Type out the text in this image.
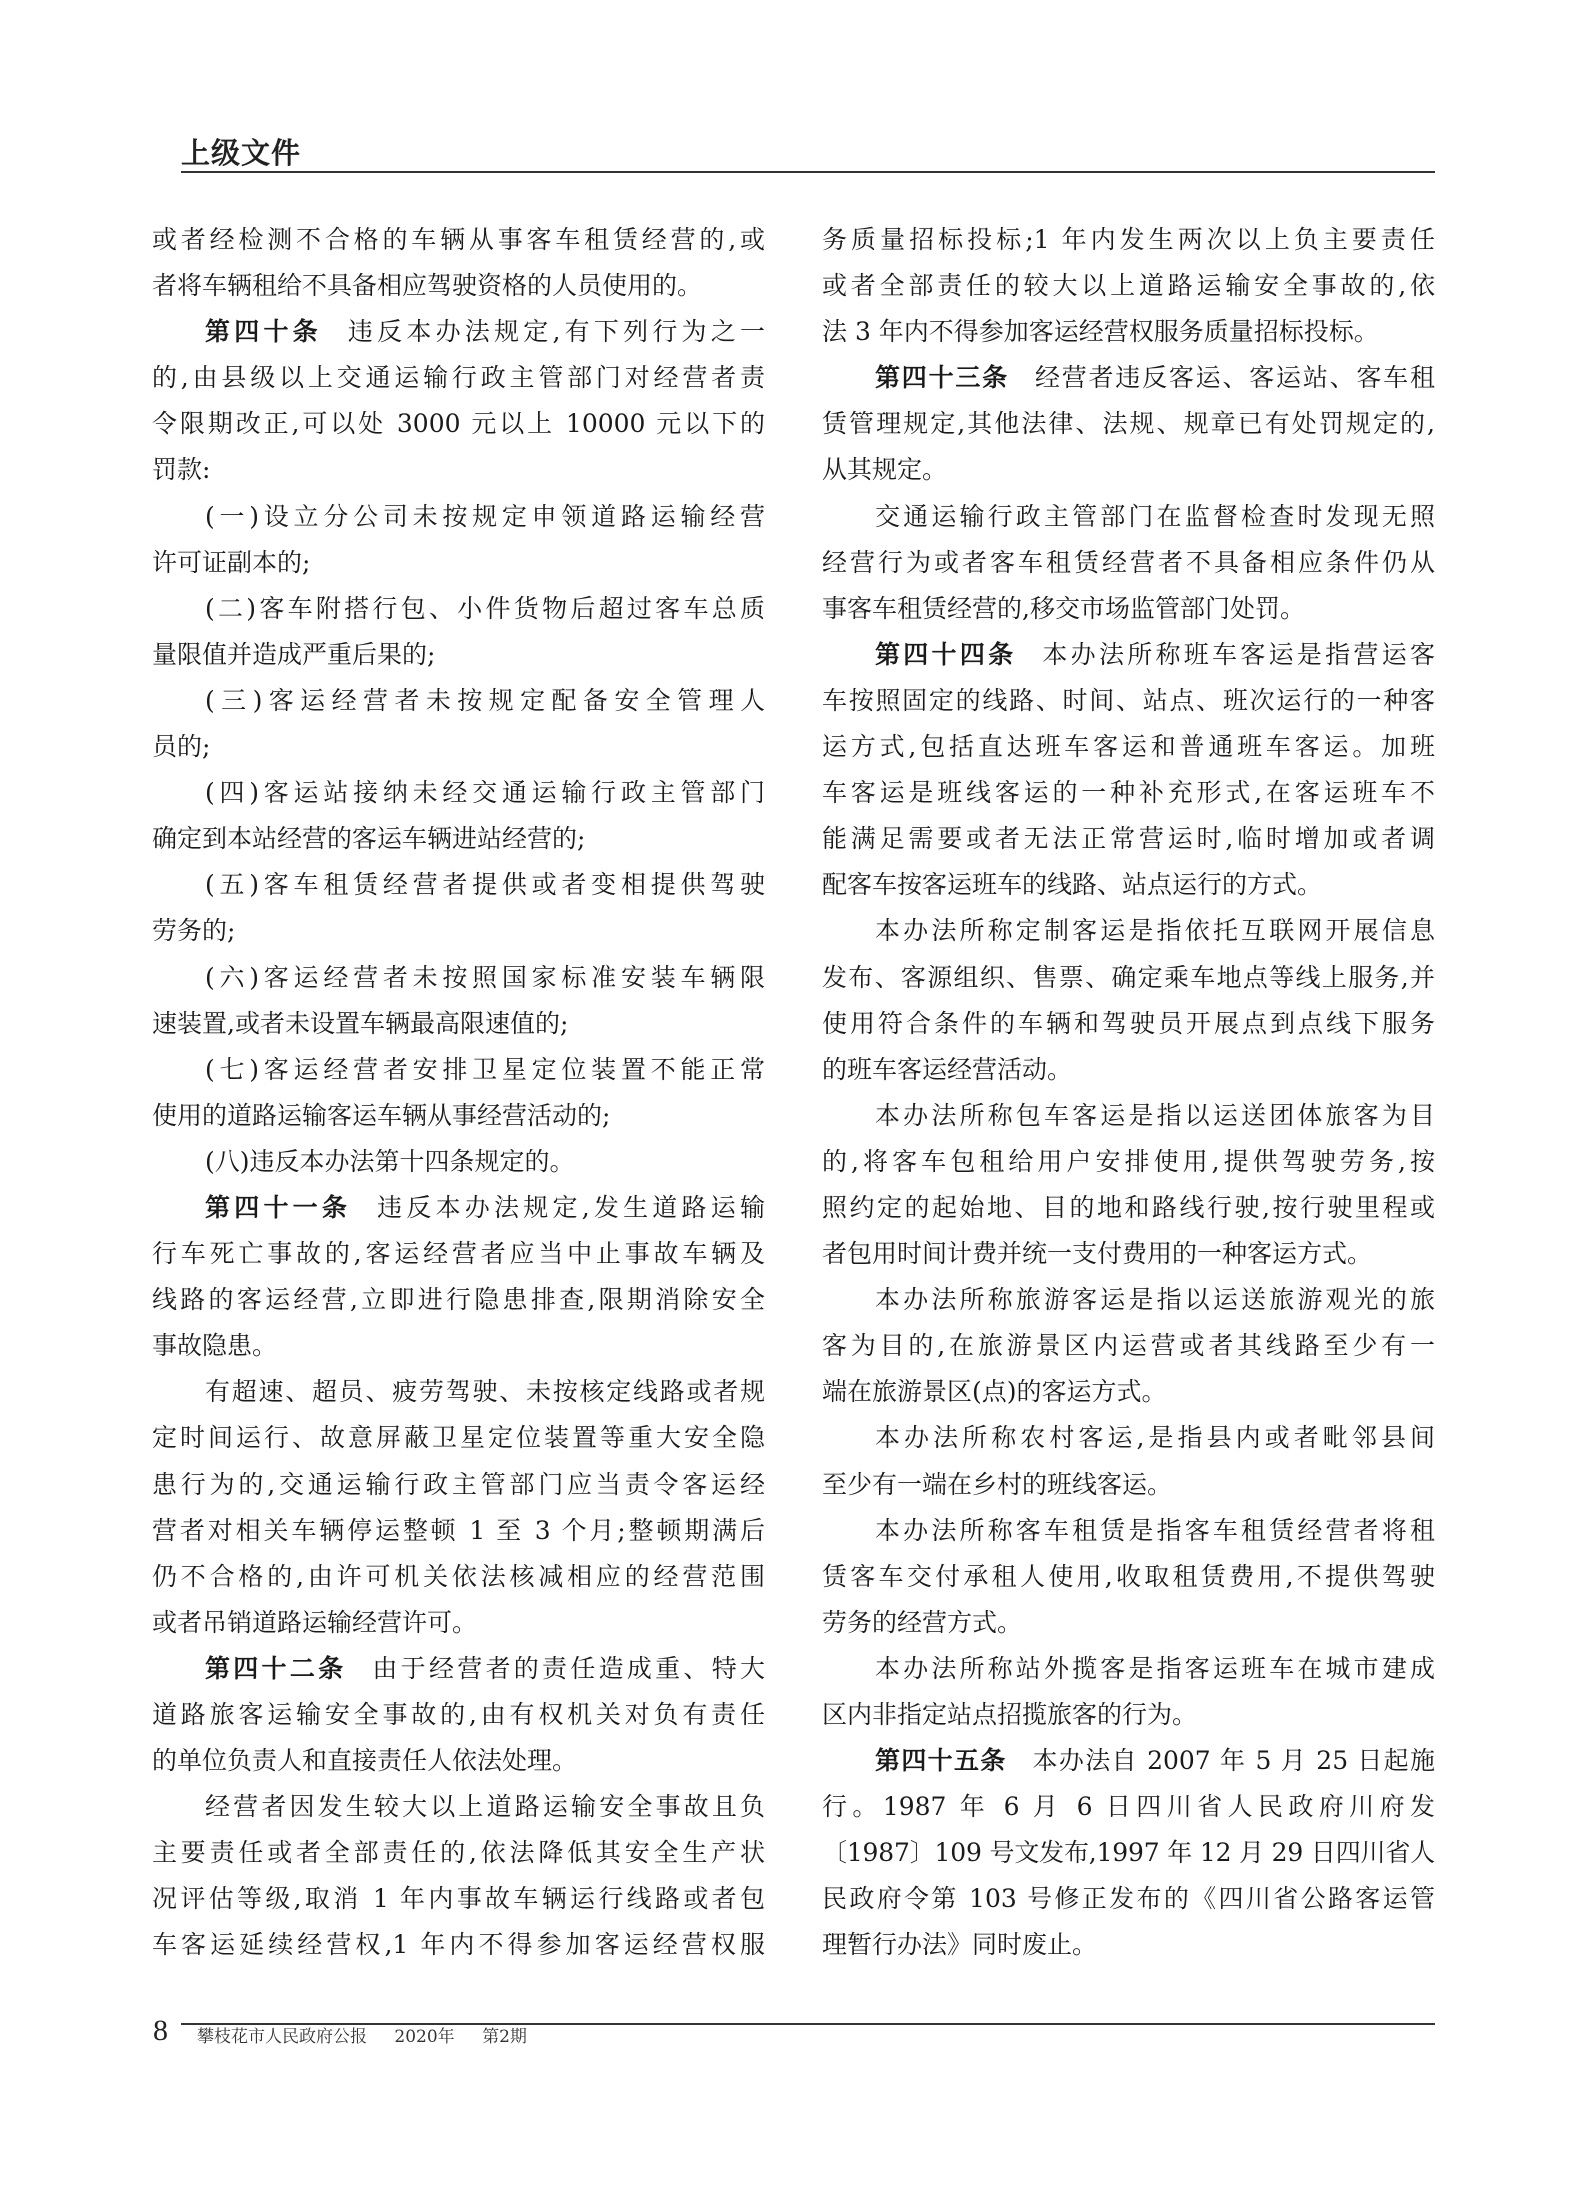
上级文件
或者经检测不合格的车辆从事客车租赁经营的,或
者将车辆租给不具备相应驾驶资格的人员使用的。
第四十条 违反本办法规定,有下列行为之一
的,由县级以上交通运输行政主管部门对经营者责
令限期改正,可以处 3000 元以上 10000 元以下的
罚款:
(一)设立分公司未按规定申领道路运输经营
许可证副本的;
(二)客车附搭行包、小件货物后超过客车总质
量限值并造成严重后果的;
(三)客运经营者未按规定配备安全管理人
员的;
(四)客运站接纳未经交通运输行政主管部门
确定到本站经营的客运车辆进站经营的;
(五)客车租赁经营者提供或者变相提供驾驶
劳务的;
(六)客运经营者未按照国家标准安装车辆限
速装置,或者未设置车辆最高限速值的;
(七)客运经营者安排卫星定位装置不能正常
使用的道路运输客运车辆从事经营活动的;
(八)违反本办法第十四条规定的。
第四十一条 违反本办法规定,发生道路运输
行车死亡事故的,客运经营者应当中止事故车辆及
线路的客运经营,立即进行隐患排查,限期消除安全
事故隐患。
有超速、超员、疲劳驾驶、未按核定线路或者规
定时间运行、故意屏蔽卫星定位装置等重大安全隐
患行为的,交通运输行政主管部门应当责令客运经
营者对相关车辆停运整顿 1 至 3 个月;整顿期满后
仍不合格的,由许可机关依法核减相应的经营范围
或者吊销道路运输经营许可。
第四十二条 由于经营者的责任造成重、特大
道路旅客运输安全事故的,由有权机关对负有责任
的单位负责人和直接责任人依法处理。
经营者因发生较大以上道路运输安全事故且负
主要责任或者全部责任的,依法降低其安全生产状
况评估等级,取消 1 年内事故车辆运行线路或者包
车客运延续经营权,1 年内不得参加客运经营权服
务质量招标投标;1 年内发生两次以上负主要责任
或者全部责任的较大以上道路运输安全事故的,依
法 3 年内不得参加客运经营权服务质量招标投标。
第四十三条 经营者违反客运、客运站、客车租
赁管理规定,其他法律、法规、规章已有处罚规定的,
从其规定。
交通运输行政主管部门在监督检查时发现无照
经营行为或者客车租赁经营者不具备相应条件仍从
事客车租赁经营的,移交市场监管部门处罚。
第四十四条 本办法所称班车客运是指营运客
车按照固定的线路、时间、站点、班次运行的一种客
运方式,包括直达班车客运和普通班车客运。加班
车客运是班线客运的一种补充形式,在客运班车不
能满足需要或者无法正常营运时,临时增加或者调
配客车按客运班车的线路、站点运行的方式。
本办法所称定制客运是指依托互联网开展信息
发布、客源组织、售票、确定乘车地点等线上服务,并
使用符合条件的车辆和驾驶员开展点到点线下服务
的班车客运经营活动。
本办法所称包车客运是指以运送团体旅客为目
的,将客车包租给用户安排使用,提供驾驶劳务,按
照约定的起始地、目的地和路线行驶,按行驶里程或
者包用时间计费并统一支付费用的一种客运方式。
本办法所称旅游客运是指以运送旅游观光的旅
客为目的,在旅游景区内运营或者其线路至少有一
端在旅游景区(点)的客运方式。
本办法所称农村客运,是指县内或者毗邻县间
至少有一端在乡村的班线客运。
本办法所称客车租赁是指客车租赁经营者将租
赁客车交付承租人使用,收取租赁费用,不提供驾驶
劳务的经营方式。
本办法所称站外揽客是指客运班车在城市建成
区内非指定站点招揽旅客的行为。
第四十五条 本办法自 2007 年 5 月 25 日起施
行。1987 年 6 月 6 日四川省人民政府川府发
〔1987〕109 号文发布,1997 年 12 月 29 日四川省人
民政府令第 103 号修正发布的《四川省公路客运管
理暂行办法》同时废止。
8 攀枝花市人民政府公报 2020年 第2期
